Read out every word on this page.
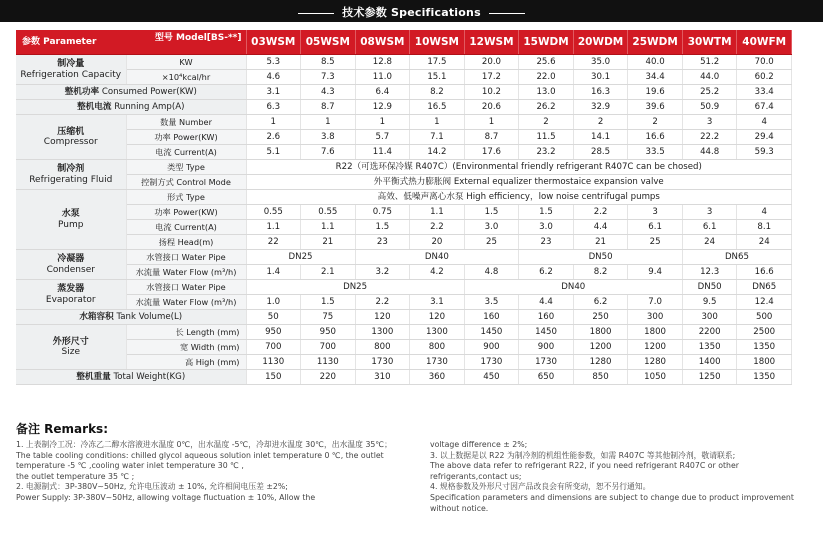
技术参数 Specifications
参数 Parameter 型号 Model[BS-**]		03WSM	05WSM	08WSM	10WSM	12WSM	15WDM	20WDM	25WDM	30WTM	40WFM

制冷量
Refrigeration Capacity	KW	5.3	8.5	12.8	17.5	20.0	25.6	35.0	40.0	51.2	70.0
	×10⁴kcal/hr	4.6	7.3	11.0	15.1	17.2	22.0	30.1	34.4	44.0	60.2
整机功率 Consumed Power(KW)		3.1	4.3	6.4	8.2	10.2	13.0	16.3	19.6	25.2	33.4
整机电流 Running Amp(A)		6.3	8.7	12.9	16.5	20.6	26.2	32.9	39.6	50.9	67.4

压缩机
Compressor	数量 Number	1	1	1	1	1	2	2	2	3	4
	功率 Power(KW)	2.6	3.8	5.7	7.1	8.7	11.5	14.1	16.6	22.2	29.4
	电流 Current(A)	5.1	7.6	11.4	14.2	17.6	23.2	28.5	33.5	44.8	59.3

制冷剂
Refrigerating Fluid	类型 Type	R22（可选环保冷媒 R407C）(Environmental friendly refrigerant R407C can be chosed)									
	控制方式 Control Mode	外平衡式热力膨胀阀 External equalizer thermostaice expansion valve									

水泵
Pump	形式 Type	高效、低噪声离心水泵 High efficiency，low noise centrifugal pumps									
	功率 Power(KW)	0.55	0.55	0.75	1.1	1.5	1.5	2.2	3	3	4
	电流 Current(A)	1.1	1.1	1.5	2.2	3.0	3.0	4.4	6.1	6.1	8.1
	扬程 Head(m)	22	21	23	20	25	23	21	25	24	24

冷凝器
Condenser	水管接口 Water Pipe	DN25		DN40			DN50			DN65	
	水流量 Water Flow (m³/h)	1.4	2.1	3.2	4.2	4.8	6.2	8.2	9.4	12.3	16.6

蒸发器
Evaporator	水管接口 Water Pipe	DN25				DN40				DN50	DN65
	水流量 Water Flow (m³/h)	1.0	1.5	2.2	3.1	3.5	4.4	6.2	7.0	9.5	12.4
水箱容积 Tank Volume(L)		50	75	120	120	160	160	250	300	300	500

外形尺寸
Size	长 Length (mm)	950	950	1300	1300	1450	1450	1800	1800	2200	2500
	宽 Width (mm)	700	700	800	800	900	900	1200	1200	1350	1350
	高 High (mm)	1130	1130	1730	1730	1730	1730	1280	1280	1400	1800
整机重量 Total Weight(KG)		150	220	310	360	450	650	850	1050	1250	1350
备注 Remarks:

1. 上表制冷工况：冷冻乙二醇水溶液进水温度 0℃，出水温度 -5℃，冷却进水温度 30℃，出水温度 35℃；

The table cooling conditions: chilled glycol aqueous solution inlet temperature 0 ℃, the outlet temperature -5 ℃ ,cooling water inlet temperature 30 ℃ ,

the outlet temperature 35 ℃ ;

2. 电源制式：3P-380V~50Hz, 允许电压波动 ± 10%, 允许相间电压差 ±2%;

Power Supply: 3P-380V~50Hz, allowing voltage fluctuation ± 10%, Allow the

voltage difference ± 2%;

3. 以上数据是以 R22 为制冷剂的机组性能参数，如需 R407C 等其他制冷剂，敬请联系;

The above data refer to refrigerant R22, if you need refrigerant R407C or other refrigerants,contact us;

4. 规格参数及外形尺寸因产品改良会有所变动，恕不另行通知。

Specification parameters and dimensions are subject to change due to product improvement without notice.
